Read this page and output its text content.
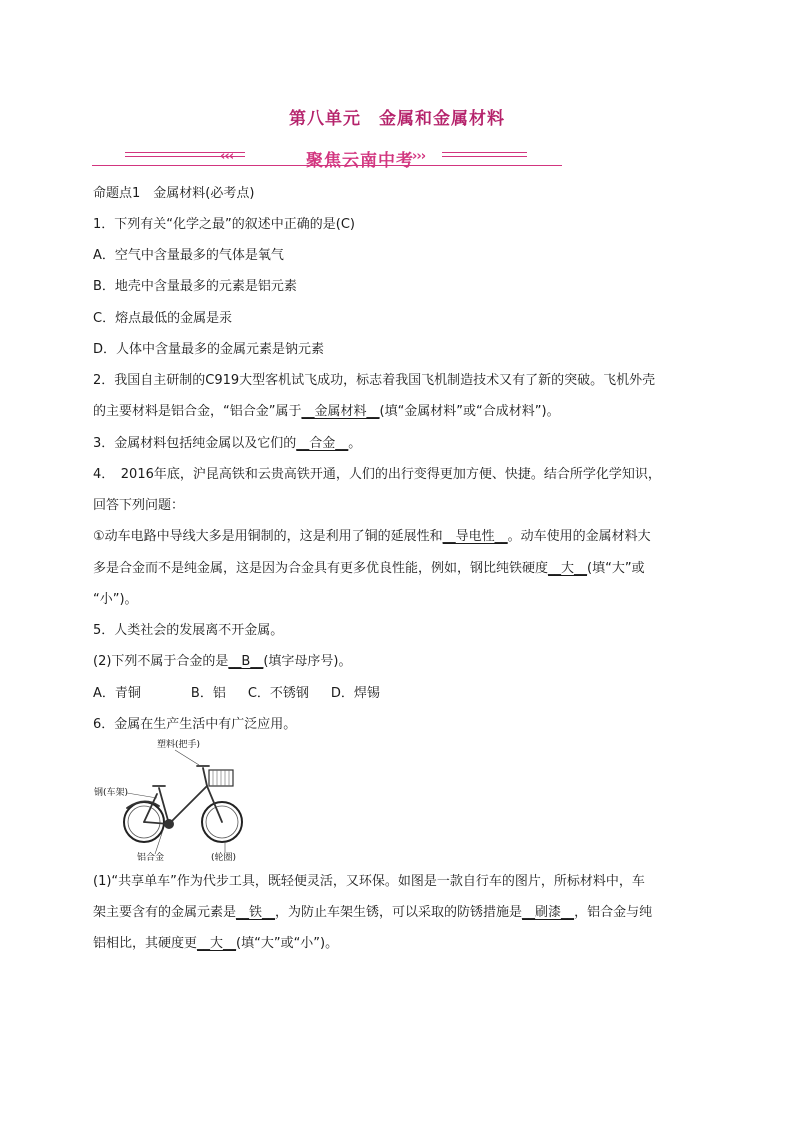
第八单元　金属和金属材料
‹‹‹	聚焦云南中考
›››
命题点1　金属材料(必考点)
1．下列有关“化学之最”的叙述中正确的是(C)
A．空气中含量最多的气体是氧气
B．地壳中含量最多的元素是铝元素
C．熔点最低的金属是汞
D．人体中含量最多的金属元素是钠元素
2．我国自主研制的C919大型客机试飞成功，标志着我国飞机制造技术又有了新的突破。飞机外壳
的主要材料是铝合金，“铝合金”属于__金属材料__(填“金属材料”或“合成材料”)。
3．金属材料包括纯金属以及它们的__合金__。
4．　2016年底，沪昆高铁和云贵高铁开通，人们的出行变得更加方便、快捷。结合所学化学知识，
回答下列问题：
①动车电路中导线大多是用铜制的，这是利用了铜的延展性和__导电性__。动车使用的金属材料大
多是合金而不是纯金属，这是因为合金具有更多优良性能，例如，钢比纯铁硬度__大__(填“大”或
“小”)。
5．人类社会的发展离不开金属。
(2)下列不属于合金的是__B__(填字母序号)。
A．青铜	B．铝 C．不锈钢 D．焊锡
6．金属在生产生活中有广泛应用。
塑料(把手)
钢(车架)
铝合金	(轮圈)
(1)“共享单车”作为代步工具，既轻便灵活，又环保。如图是一款自行车的图片，所标材料中，车
架主要含有的金属元素是__铁__，为防止车架生锈，可以采取的防锈措施是__刷漆__，铝合金与纯
铝相比，其硬度更__大__(填“大”或“小”)。
